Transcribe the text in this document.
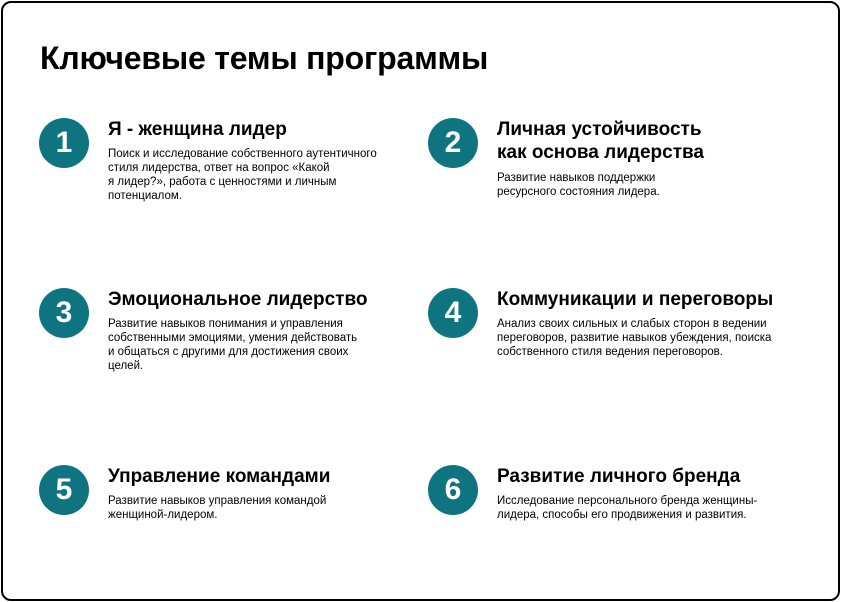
Ключевые темы программы
1	Я - женщина лидер

Поиск и исследование собственного аутентичного
стиля лидерства, ответ на вопрос «Какой
я лидер?», работа с ценностями и личным
потенциалом.

2	Личная устойчивость
как основа лидерства

Развитие навыков поддержки
ресурсного состояния лидера.

3	Эмоциональное лидерство

Развитие навыков понимания и управления
собственными эмоциями, умения действовать
и общаться с другими для достижения своих
целей.

4	Коммуникации и переговоры

Анализ своих сильных и слабых сторон в ведении
переговоров, развитие навыков убеждения, поиска
собственного стиля ведения переговоров.

5	Управление командами

Развитие навыков управления командой
женщиной-лидером.

6	Развитие личного бренда

Исследование персонального бренда женщины-
лидера, способы его продвижения и развития.
